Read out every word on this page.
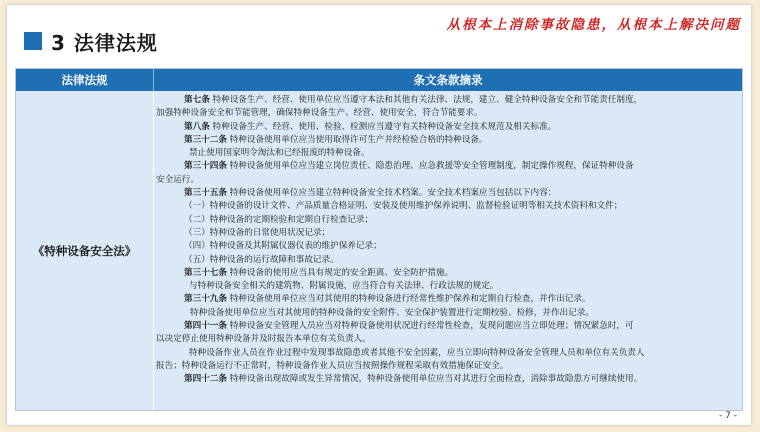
3 法律法规
从根本上消除事故隐患，从根本上解决问题
法律法规	条文条款摘录
《特种设备安全法》
第七条 特种设备生产、经营、使用单位应当遵守本法和其他有关法律、法规，建立、健全特种设备安全和节能责任制度，
加强特种设备安全和节能管理，确保特种设备生产、经营、使用安全，符合节能要求。
第八条 特种设备生产、经营、使用、检验、检测应当遵守有关特种设备安全技术规范及相关标准。
第三十二条 特种设备使用单位应当使用取得许可生产并经检验合格的特种设备。
禁止使用国家明令淘汰和已经报废的特种设备。
第三十四条 特种设备使用单位应当建立岗位责任、隐患治理、应急救援等安全管理制度，制定操作规程，保证特种设备
安全运行。
第三十五条 特种设备使用单位应当建立特种设备安全技术档案。安全技术档案应当包括以下内容：
（一）特种设备的设计文件、产品质量合格证明、安装及使用维护保养说明、监督检验证明等相关技术资料和文件；
（二）特种设备的定期检验和定期自行检查记录；
（三）特种设备的日常使用状况记录；
（四）特种设备及其附属仪器仪表的维护保养记录；
（五）特种设备的运行故障和事故记录。
第三十七条 特种设备的使用应当具有规定的安全距离、安全防护措施。
与特种设备安全相关的建筑物、附属设施，应当符合有关法律、行政法规的规定。
第三十九条 特种设备使用单位应当对其使用的特种设备进行经常性维护保养和定期自行检查，并作出记录。
特种设备使用单位应当对其使用的特种设备的安全附件、安全保护装置进行定期校验、检修，并作出记录。
第四十一条 特种设备安全管理人员应当对特种设备使用状况进行经常性检查，发现问题应当立即处理；情况紧急时，可
以决定停止使用特种设备并及时报告本单位有关负责人。
特种设备作业人员在作业过程中发现事故隐患或者其他不安全因素，应当立即向特种设备安全管理人员和单位有关负责人
报告；特种设备运行不正常时，特种设备作业人员应当按照操作规程采取有效措施保证安全。
第四十二条 特种设备出现故障或发生异常情况，特种设备使用单位应当对其进行全面检查，消除事故隐患方可继续使用。
- 7 -
